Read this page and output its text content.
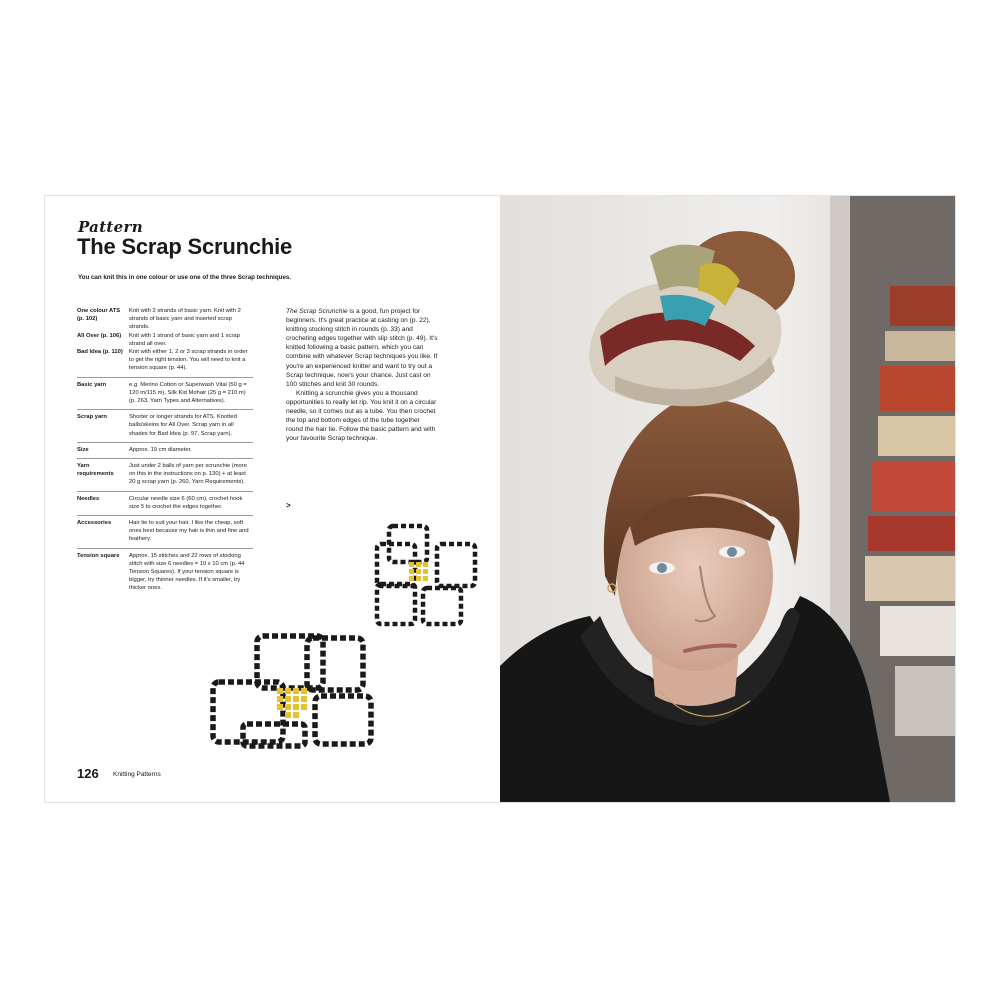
Pattern
The Scrap Scrunchie
You can knit this in one colour or use one of the three Scrap techniques.
One colour ATS (p. 102)	Knit with 2 strands of basic yarn. Knit with 2 strands of basic yarn and inserted scrap strands.
All Over (p. 106)	Knit with 1 strand of basic yarn and 1 scrap strand all over.
Bad Idea (p. 110)	Knit with either 1, 2 or 3 scrap strands in order to get the right tension. You will need to knit a tension square (p. 44).
Basic yarn	e.g. Merino Cotton or Superwash Vital (50 g = 120 m/115 m), Silk Kid Mohair (25 g = 210 m) (p. 263, Yarn Types and Alternatives).
Scrap yarn	Shorter or longer strands for ATS. Knotted balls/skeins for All Over. Scrap yarn in all shades for Bad Idea (p. 97, Scrap yarn).
Size	Approx. 19 cm diameter.
Yarn requirements	Just under 2 balls of yarn per scrunchie (more on this in the instructions on p. 130) + at least 20 g scrap yarn (p. 260, Yarn Requirements).
Needles	Circular needle size 6 (60 cm), crochet hook size 5 to crochet the edges together.
Accessories	Hair tie to suit your hair. I like the cheap, soft ones best because my hair is thin and fine and feathery.
Tension square	Approx. 15 stitches and 22 rows of stocking stitch with size 6 needles = 10 x 10 cm (p. 44 Tension Squares). If your tension square is bigger, try thinner needles. If it's smaller, try thicker ones.

The Scrap Scrunchie is a good, fun project for beginners. It's great practice at casting on (p. 22), knitting stocking stitch in rounds (p. 33) and crocheting edges together with slip stitch (p. 49). It's knitted following a basic pattern, which you can combine with whatever Scrap techniques you like. If you're an experienced knitter and want to try out a Scrap technique, now's your chance. Just cast on 100 stitches and knit 30 rounds.

Knitting a scrunchie gives you a thousand opportunities to really let rip. You knit it on a circular needle, so it comes out as a tube. You then crochet the top and bottom edges of the tube together round the hair tie. Follow the basic pattern and with your favourite Scrap technique.

>
126 Knitting Patterns
